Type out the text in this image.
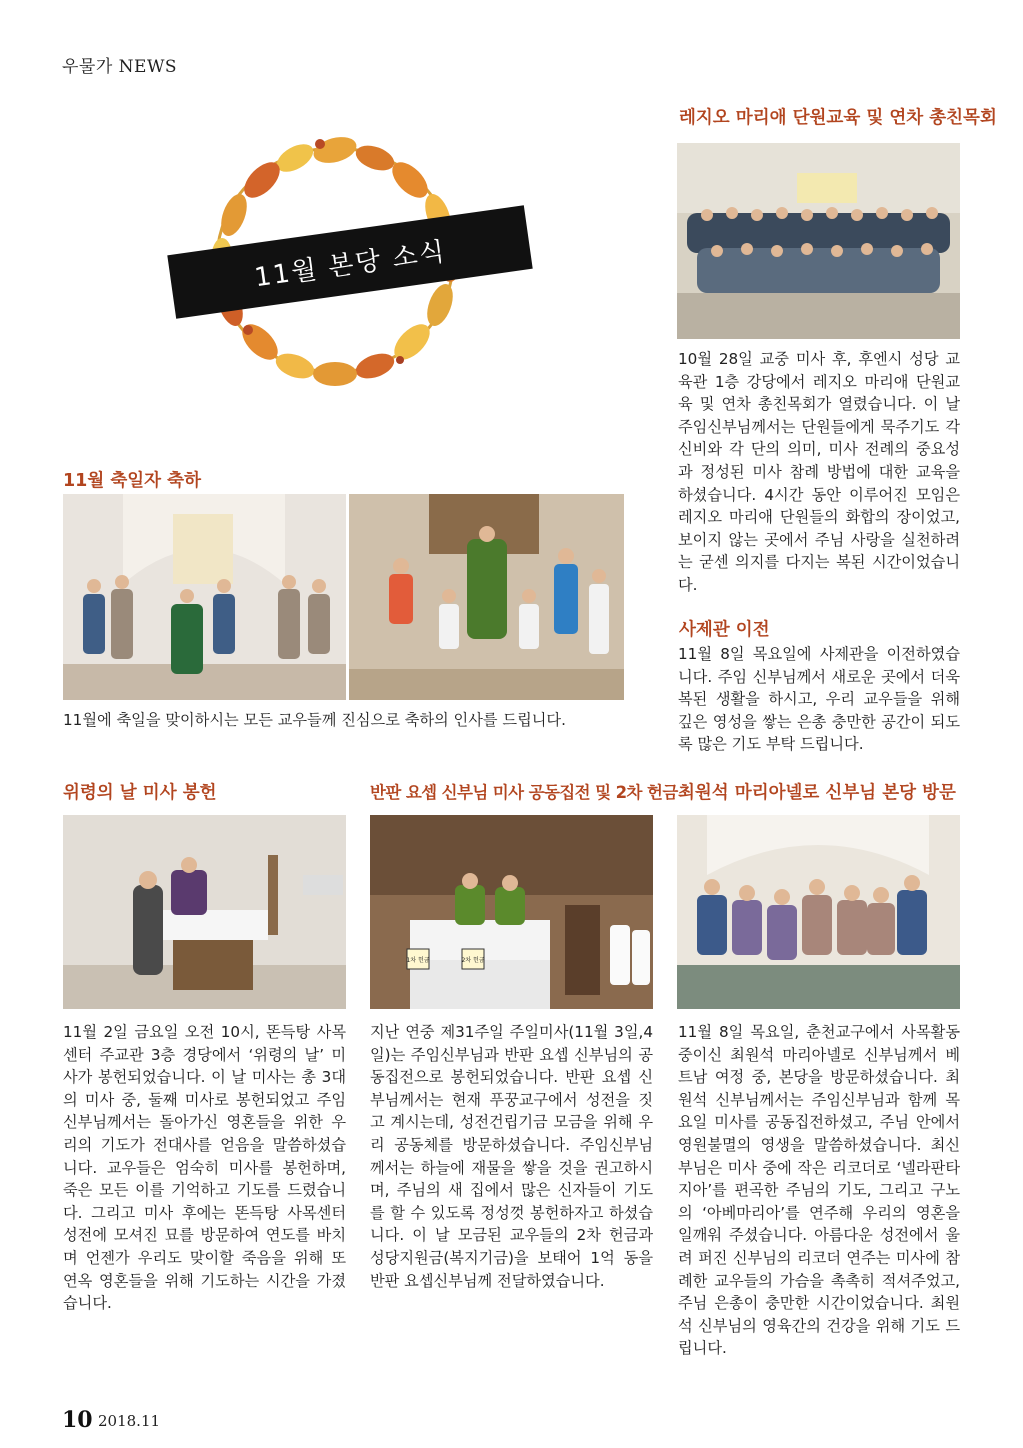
우물가 NEWS
11월 본당 소식
레지오 마리애 단원교육 및 연차 총친목회
10월 28일 교중 미사 후, 후엔시 성당 교육관 1층 강당에서 레지오 마리애 단원교육 및 연차 총친목회가 열렸습니다. 이 날 주임신부님께서는 단원들에게 묵주기도 각 신비와 각 단의 의미, 미사 전례의 중요성과 정성된 미사 참례 방법에 대한 교육을 하셨습니다. 4시간 동안 이루어진 모임은 레지오 마리애 단원들의 화합의 장이었고, 보이지 않는 곳에서 주님 사랑을 실천하려는 굳센 의지를 다지는 복된 시간이었습니다.
11월 축일자 축하
11월에 축일을 맞이하시는 모든 교우들께 진심으로 축하의 인사를 드립니다.
사제관 이전
11월 8일 목요일에 사제관을 이전하였습니다. 주임 신부님께서 새로운 곳에서 더욱 복된 생활을 하시고, 우리 교우들을 위해 깊은 영성을 쌓는 은총 충만한 공간이 되도록 많은 기도 부탁 드립니다.
위령의 날 미사 봉헌
11월 2일 금요일 오전 10시, 똔득탕 사목센터 주교관 3층 경당에서 ‘위령의 날’ 미사가 봉헌되었습니다. 이 날 미사는 총 3대의 미사 중, 둘째 미사로 봉헌되었고 주임신부님께서는 돌아가신 영혼들을 위한 우리의 기도가 전대사를 얻음을 말씀하셨습니다. 교우들은 엄숙히 미사를 봉헌하며, 죽은 모든 이를 기억하고 기도를 드렸습니다. 그리고 미사 후에는 똔득탕 사목센터 성전에 모셔진 묘를 방문하여 연도를 바치며 언젠가 우리도 맞이할 죽음을 위해 또 연옥 영혼들을 위해 기도하는 시간을 가졌습니다.
반판 요셉 신부님 미사 공동집전 및 2차 헌금
1차 헌금	2차 헌금
지난 연중 제31주일 주일미사(11월 3일,4일)는 주임신부님과 반판 요셉 신부님의 공동집전으로 봉헌되었습니다. 반판 요셉 신부님께서는 현재 푸꿍교구에서 성전을 짓고 계시는데, 성전건립기금 모금을 위해 우리 공동체를 방문하셨습니다. 주임신부님께서는 하늘에 재물을 쌓을 것을 권고하시며, 주님의 새 집에서 많은 신자들이 기도를 할 수 있도록 정성껏 봉헌하자고 하셨습니다. 이 날 모금된 교우들의 2차 헌금과 성당지원금(복지기금)을 보태어 1억 동을 반판 요셉신부님께 전달하였습니다.
최원석 마리아넬로 신부님 본당 방문
11월 8일 목요일, 춘천교구에서 사목활동 중이신 최원석 마리아넬로 신부님께서 베트남 여정 중, 본당을 방문하셨습니다. 최원석 신부님께서는 주임신부님과 함께 목요일 미사를 공동집전하셨고, 주님 안에서 영원불멸의 영생을 말씀하셨습니다. 최신부님은 미사 중에 작은 리코더로 ‘넬라판타지아’를 편곡한 주님의 기도, 그리고 구노의 ‘아베마리아’를 연주해 우리의 영혼을 일깨워 주셨습니다. 아름다운 성전에서 울려 퍼진 신부님의 리코더 연주는 미사에 참례한 교우들의 가슴을 촉촉히 적셔주었고, 주님 은총이 충만한 시간이었습니다. 최원석 신부님의 영육간의 건강을 위해 기도 드립니다.
10 2018.11
